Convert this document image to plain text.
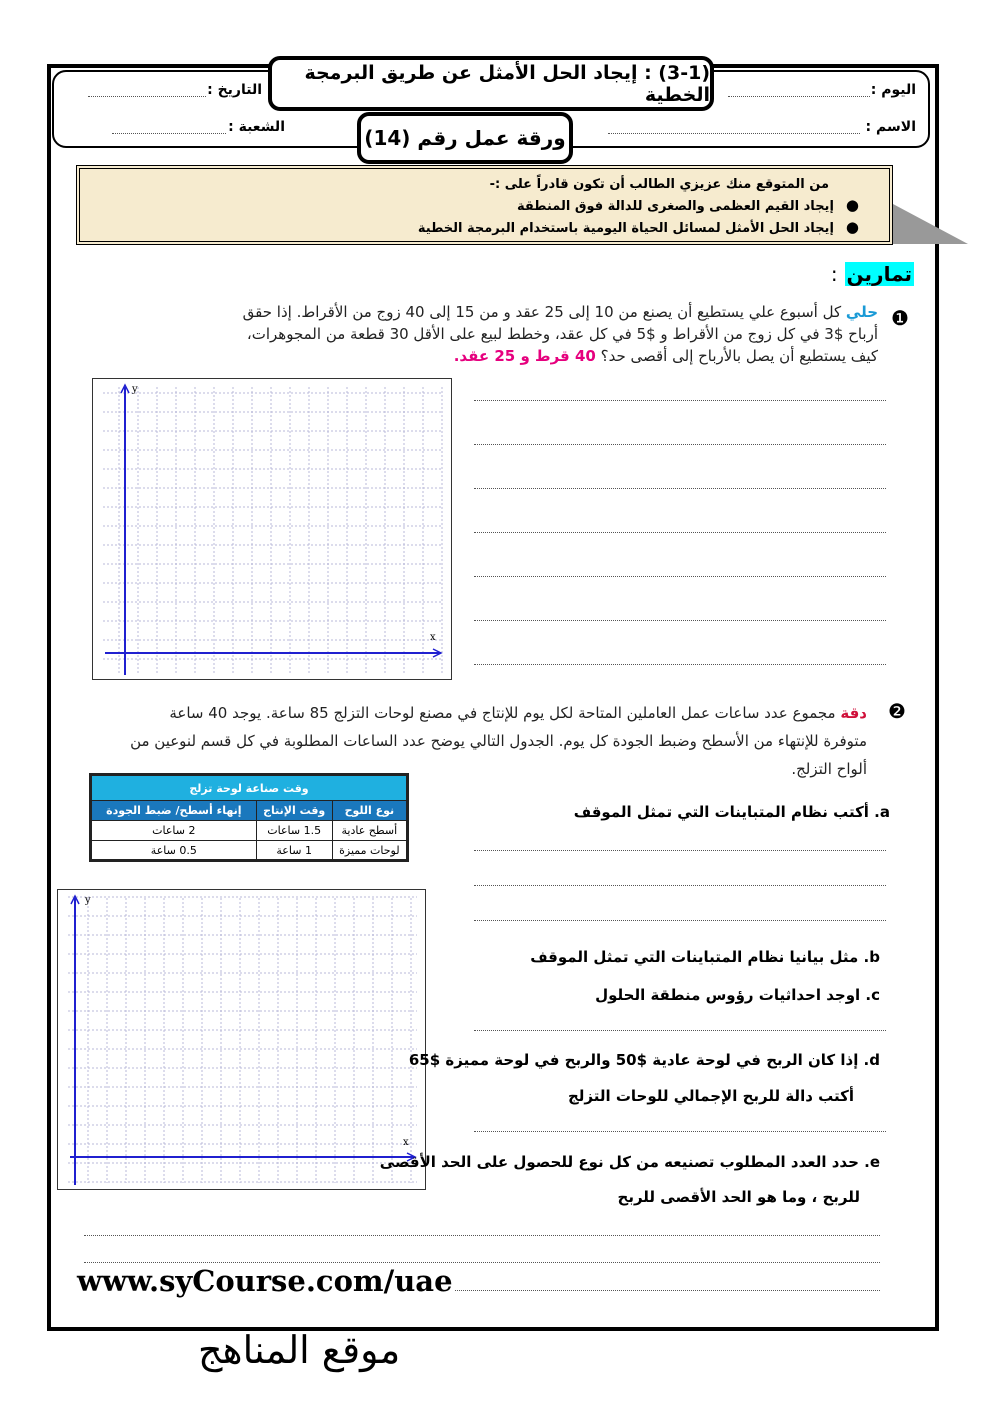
اليوم :
التاريخ :
الاسم :
الشعبة :
(3-1) : إيجاد الحل الأمثل عن طريق البرمجة الخطية
ورقة عمل رقم (14)
من المتوقع منك عزيزي الطالب أن تكون قادراً على :-
● إيجاد القيم العظمى والصغرى للدالة فوق المنطقة
● إيجاد الحل الأمثل لمسائل الحياة اليومية باستخدام البرمجة الخطية
تمارين :
❶
حلي كل أسبوع علي يستطيع أن يصنع من 10 إلى 25 عقد و من 15 إلى 40 زوج من الأقراط. إذا حقق
أرباح $3 في كل زوج من الأقراط و $5 في كل عقد، وخطط لبيع على الأقل 30 قطعة من المجوهرات،
كيف يستطيع أن يصل بالأرباح إلى أقصى حد؟ 40 قرط و 25 عقد.
y
x
❷
دقة مجموع عدد ساعات عمل العاملين المتاحة لكل يوم للإنتاج في مصنع لوحات التزلج 85 ساعة. يوجد 40 ساعة
متوفرة للإنتهاء من الأسطح وضبط الجودة كل يوم. الجدول التالي يوضح عدد الساعات المطلوبة في كل قسم لنوعين من
ألواح التزلج.
وقت صناعة لوحة تزلج		
نوع اللوح	وقت الإنتاج	إنهاء أسطح/ ضبط الجودة
أسطح عادية	1.5 ساعات	2 ساعات
لوحات مميزة	1 ساعة	0.5 ساعة
a. أكتب نظام المتباينات التي تمثل الموقف
y
x
b. مثل بيانيا نظام المتباينات التي تمثل الموقف
c. اوجد احداثيات رؤوس منطقة الحلول
d. إذا كان الربح في لوحة عادية $50 والربح في لوحة مميزة $65
أكتب دالة للربح الإجمالي للوحات التزلج
e. حدد العدد المطلوب تصنيعه من كل نوع للحصول على الحد الأقصى
للربح ، وما هو الحد الأقصى للربح
www.syCourse.com/uae
موقع المناهج
